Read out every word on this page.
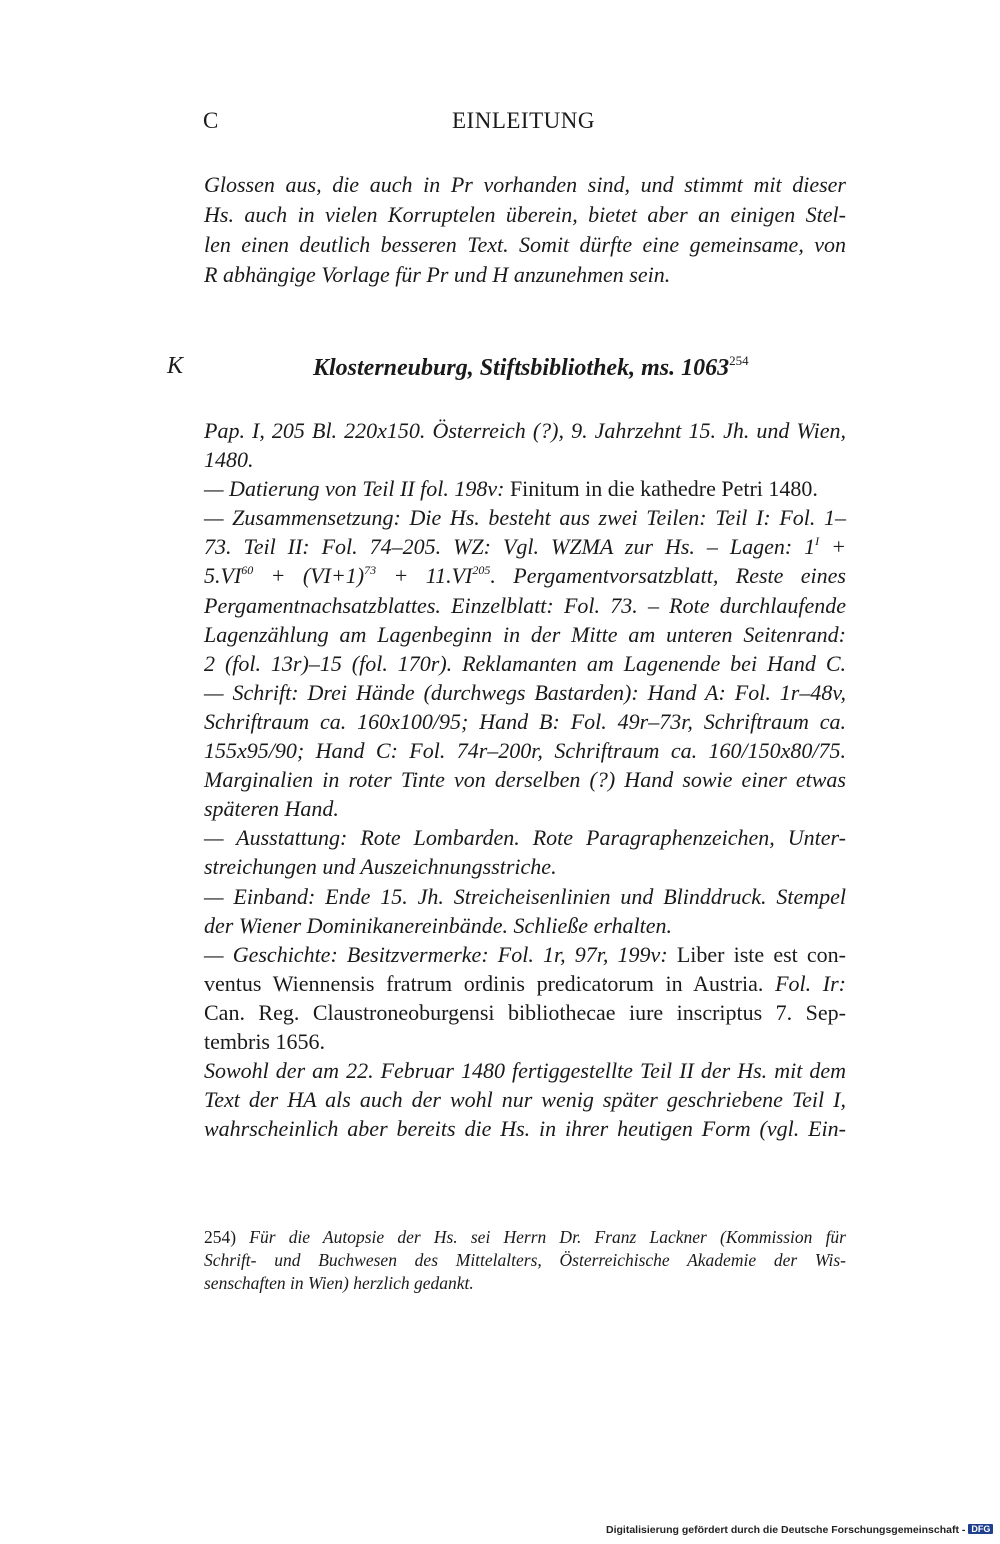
C	EINLEITUNG
Glossen aus, die auch in Pr vorhanden sind, und stimmt mit dieser
Hs. auch in vielen Korruptelen überein, bietet aber an einigen Stel-
len einen deutlich besseren Text. Somit dürfte eine gemeinsame, von
R abhängige Vorlage für Pr und H anzunehmen sein.
K	Klosterneuburg, Stiftsbibliothek, ms. 1063$^{254}$
Pap. I, 205 Bl. 220x150. Österreich (?), 9. Jahrzehnt 15. Jh. und Wien,
1480.
— Datierung von Teil II fol. 198v: Finitum in die kathedre Petri 1480.
— Zusammensetzung: Die Hs. besteht aus zwei Teilen: Teil I: Fol. 1–
73. Teil II: Fol. 74–205. WZ: Vgl. WZMA zur Hs. – Lagen: $1^I$ +
$5.VI^{60} + (VI+1)^{73} + 11.VI^{205}$. Pergamentvorsatzblatt, Reste eines
Pergamentnachsatzblattes. Einzelblatt: Fol. 73. – Rote durchlaufende
Lagenzählung am Lagenbeginn in der Mitte am unteren Seitenrand:
2 (fol. 13r)–15 (fol. 170r). Reklamanten am Lagenende bei Hand C.
— Schrift: Drei Hände (durchwegs Bastarden): Hand A: Fol. 1r–48v,
Schriftraum ca. 160x100/95; Hand B: Fol. 49r–73r, Schriftraum ca.
155x95/90; Hand C: Fol. 74r–200r, Schriftraum ca. 160/150x80/75.
Marginalien in roter Tinte von derselben (?) Hand sowie einer etwas
späteren Hand.
— Ausstattung: Rote Lombarden. Rote Paragraphenzeichen, Unter-
streichungen und Auszeichnungsstriche.
— Einband: Ende 15. Jh. Streicheisenlinien und Blinddruck. Stempel
der Wiener Dominikanereinbände. Schließe erhalten.
— Geschichte: Besitzvermerke: Fol. 1r, 97r, 199v: Liber iste est con-
ventus Wiennensis fratrum ordinis predicatorum in Austria. Fol. Ir:
Can. Reg. Claustroneoburgensi bibliothecae iure inscriptus 7. Sep-
tembris 1656.
Sowohl der am 22. Februar 1480 fertiggestellte Teil II der Hs. mit dem
Text der HA als auch der wohl nur wenig später geschriebene Teil I,
wahrscheinlich aber bereits die Hs. in ihrer heutigen Form (vgl. Ein-
254) Für die Autopsie der Hs. sei Herrn Dr. Franz Lackner (Kommission für
Schrift- und Buchwesen des Mittelalters, Österreichische Akademie der Wis-
senschaften in Wien) herzlich gedankt.
Digitalisierung gefördert durch die Deutsche Forschungsgemeinschaft - DFG
